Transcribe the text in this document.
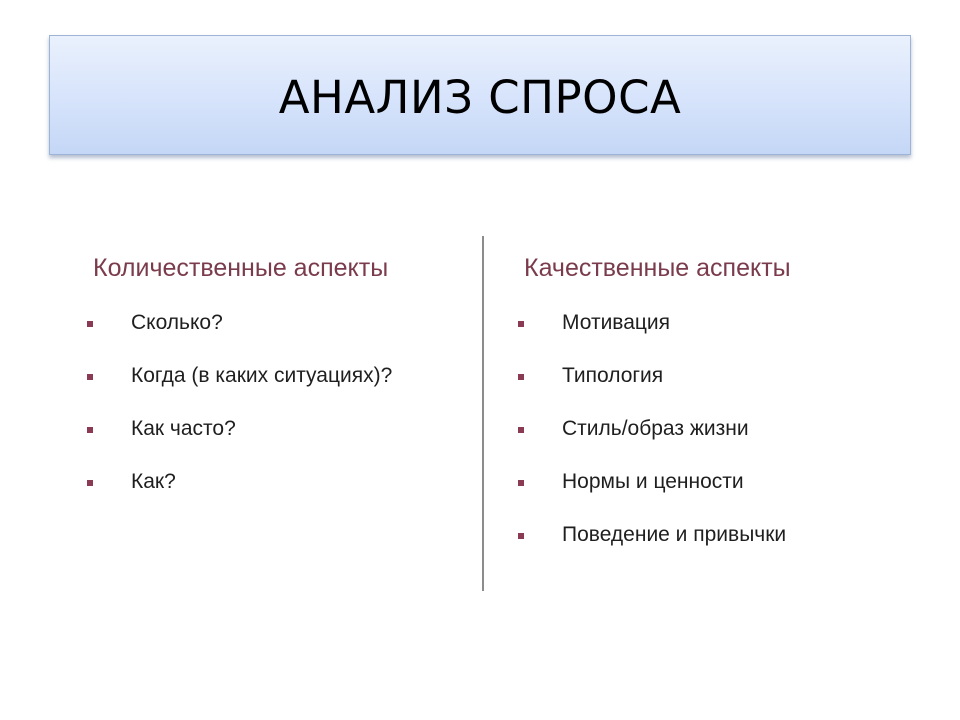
АНАЛИЗ СПРОСА
Количественные аспекты
Сколько?
Когда (в каких ситуациях)?
Как часто?
Как?
Качественные аспекты
Мотивация
Типология
Стиль/образ жизни
Нормы и ценности
Поведение и привычки
